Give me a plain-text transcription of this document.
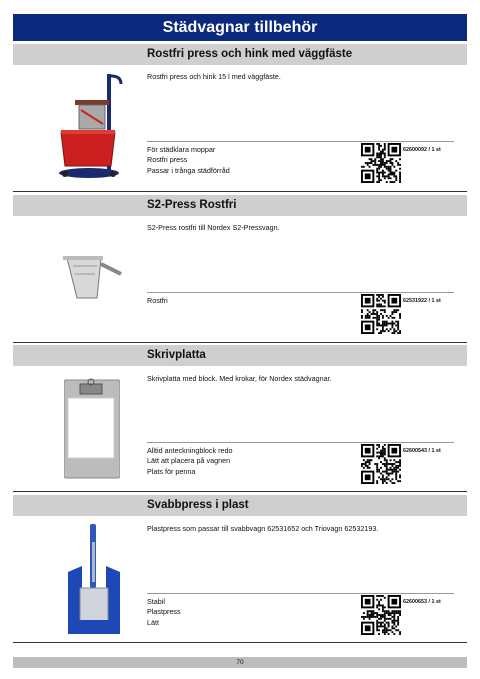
Städvagnar tillbehör
Rostfri press och hink med väggfäste
Rostfri press och hink 15 l med väggfäste.
För städklara moppar
Rostfri press
Passar i trånga städförråd
62600092 / 1 st
S2-Press Rostfri
S2-Press rostfri till Nordex S2-Pressvagn.
Rostfri	62531922 / 1 st
Skrivplatta
Skrivplatta med block. Med krokar, för Nordex städvagnar.
Alltid anteckningblock redo
Lätt att placera på vagnen
Plats för penna
62600543 / 1 st
Svabbpress i plast
Plastpress som passar till svabbvagn 62531652 och Triovagn 62532193.
Stabil
Plastpress
Lätt
62600653 / 1 st
70
